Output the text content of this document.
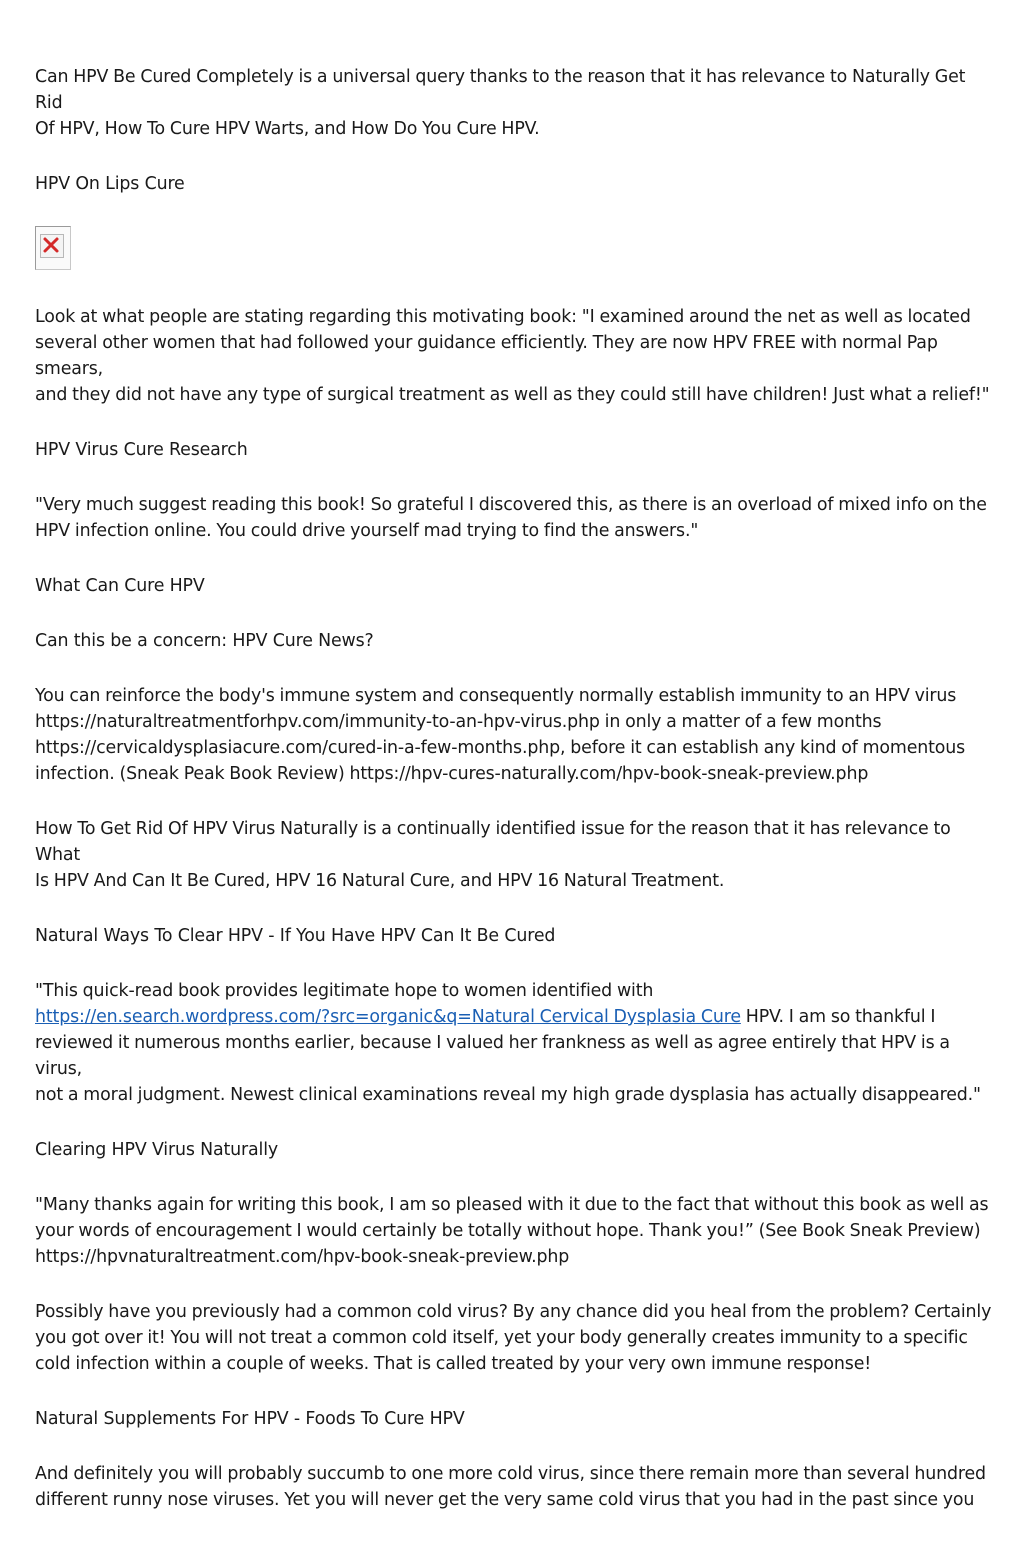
Can HPV Be Cured Completely is a universal query thanks to the reason that it has relevance to Naturally Get Rid
Of HPV, How To Cure HPV Warts, and How Do You Cure HPV.

HPV On Lips Cure

Look at what people are stating regarding this motivating book: "I examined around the net as well as located
several other women that had followed your guidance efficiently. They are now HPV FREE with normal Pap smears,
and they did not have any type of surgical treatment as well as they could still have children! Just what a relief!"

HPV Virus Cure Research

"Very much suggest reading this book! So grateful I discovered this, as there is an overload of mixed info on the
HPV infection online. You could drive yourself mad trying to find the answers."

What Can Cure HPV

Can this be a concern: HPV Cure News?

You can reinforce the body's immune system and consequently normally establish immunity to an HPV virus
https://naturaltreatmentforhpv.com/immunity-to-an-hpv-virus.php in only a matter of a few months
https://cervicaldysplasiacure.com/cured-in-a-few-months.php, before it can establish any kind of momentous
infection. (Sneak Peak Book Review) https://hpv-cures-naturally.com/hpv-book-sneak-preview.php

How To Get Rid Of HPV Virus Naturally is a continually identified issue for the reason that it has relevance to What
Is HPV And Can It Be Cured, HPV 16 Natural Cure, and HPV 16 Natural Treatment.

Natural Ways To Clear HPV - If You Have HPV Can It Be Cured

"This quick-read book provides legitimate hope to women identified with
https://en.search.wordpress.com/?src=organic&q=Natural Cervical Dysplasia Cure HPV. I am so thankful I
reviewed it numerous months earlier, because I valued her frankness as well as agree entirely that HPV is a virus,
not a moral judgment. Newest clinical examinations reveal my high grade dysplasia has actually disappeared."

Clearing HPV Virus Naturally

"Many thanks again for writing this book, I am so pleased with it due to the fact that without this book as well as
your words of encouragement I would certainly be totally without hope. Thank you!” (See Book Sneak Preview)
https://hpvnaturaltreatment.com/hpv-book-sneak-preview.php

Possibly have you previously had a common cold virus? By any chance did you heal from the problem? Certainly
you got over it! You will not treat a common cold itself, yet your body generally creates immunity to a specific
cold infection within a couple of weeks. That is called treated by your very own immune response!

Natural Supplements For HPV - Foods To Cure HPV

And definitely you will probably succumb to one more cold virus, since there remain more than several hundred
different runny nose viruses. Yet you will never get the very same cold virus that you had in the past since you
